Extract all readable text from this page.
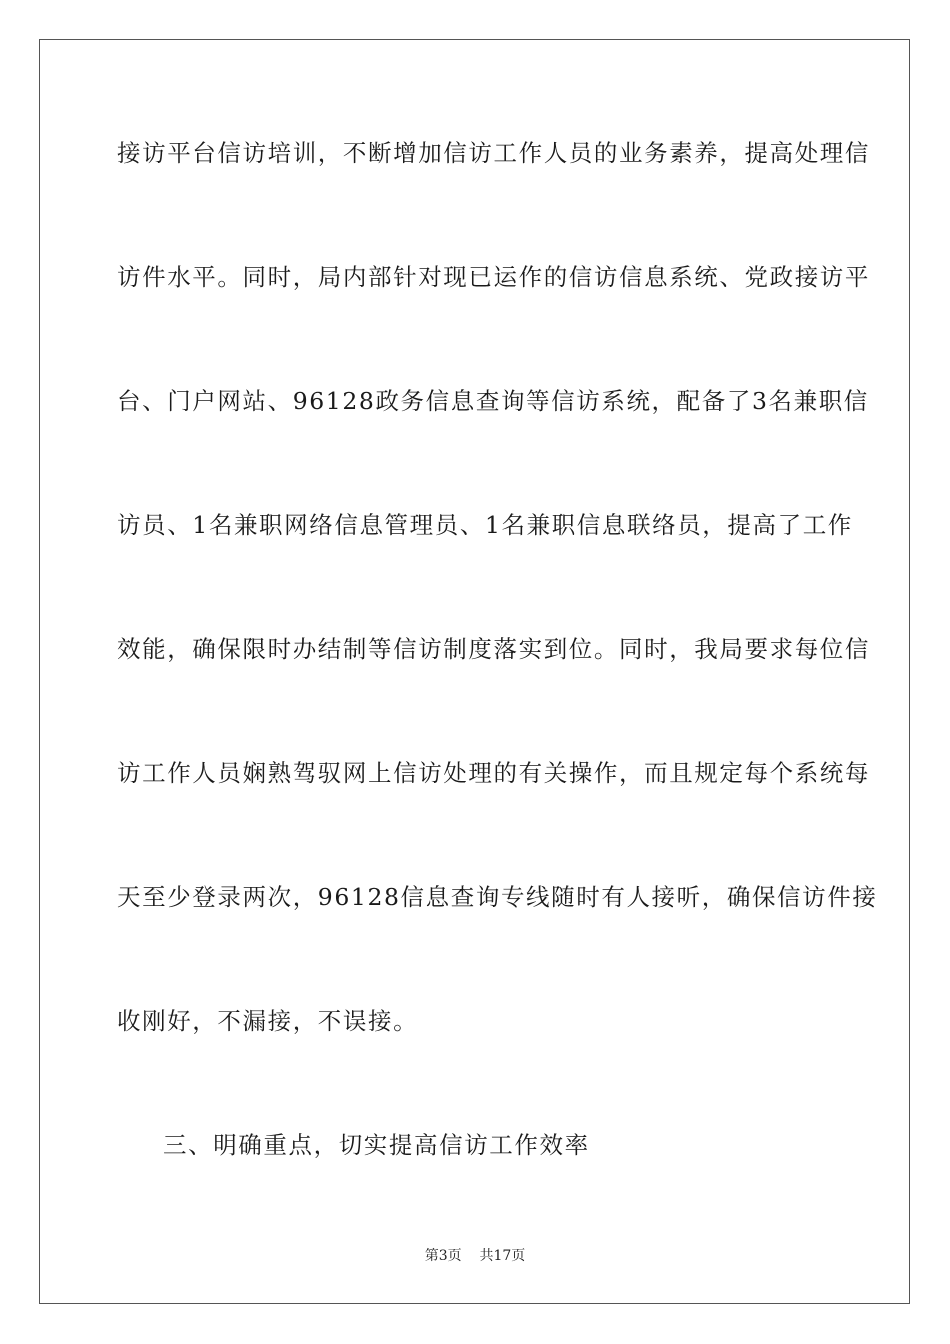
接访平台信访培训，不断增加信访工作人员的业务素养，提高处理信
访件水平。同时，局内部针对现已运作的信访信息系统、党政接访平
台、门户网站、96128政务信息查询等信访系统，配备了3名兼职信
访员、1名兼职网络信息管理员、1名兼职信息联络员，提高了工作
效能，确保限时办结制等信访制度落实到位。同时，我局要求每位信
访工作人员娴熟驾驭网上信访处理的有关操作，而且规定每个系统每
天至少登录两次，96128信息查询专线随时有人接听，确保信访件接
收刚好，不漏接，不误接。
三、明确重点，切实提高信访工作效率
第3页 共17页
